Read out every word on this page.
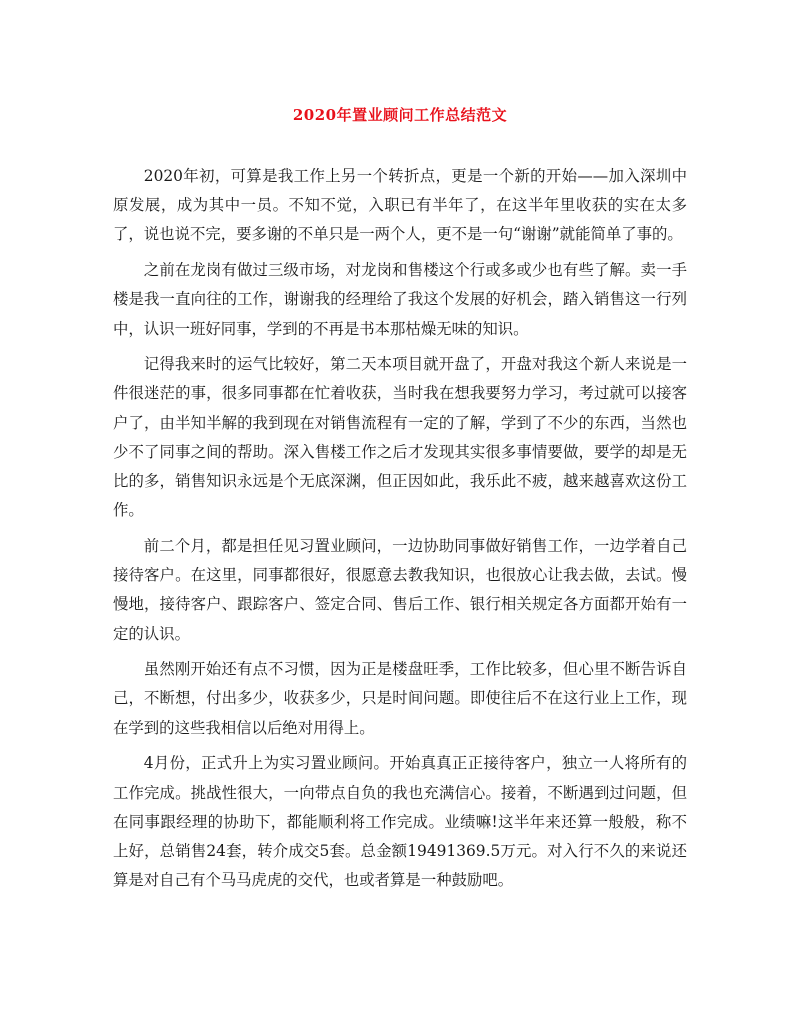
2020年置业顾问工作总结范文

2020年初，可算是我工作上另一个转折点，更是一个新的开始——加入深圳中原发展，成为其中一员。不知不觉，入职已有半年了，在这半年里收获的实在太多了，说也说不完，要多谢的不单只是一两个人，更不是一句“谢谢”就能简单了事的。

之前在龙岗有做过三级市场，对龙岗和售楼这个行或多或少也有些了解。卖一手楼是我一直向往的工作，谢谢我的经理给了我这个发展的好机会，踏入销售这一行列中，认识一班好同事，学到的不再是书本那枯燥无味的知识。

记得我来时的运气比较好，第二天本项目就开盘了，开盘对我这个新人来说是一件很迷茫的事，很多同事都在忙着收获，当时我在想我要努力学习，考过就可以接客户了，由半知半解的我到现在对销售流程有一定的了解，学到了不少的东西，当然也少不了同事之间的帮助。深入售楼工作之后才发现其实很多事情要做，要学的却是无比的多，销售知识永远是个无底深渊，但正因如此，我乐此不疲，越来越喜欢这份工作。

前二个月，都是担任见习置业顾问，一边协助同事做好销售工作，一边学着自己接待客户。在这里，同事都很好，很愿意去教我知识，也很放心让我去做，去试。慢慢地，接待客户、跟踪客户、签定合同、售后工作、银行相关规定各方面都开始有一定的认识。

虽然刚开始还有点不习惯，因为正是楼盘旺季，工作比较多，但心里不断告诉自己，不断想，付出多少，收获多少，只是时间问题。即使往后不在这行业上工作，现在学到的这些我相信以后绝对用得上。

4月份，正式升上为实习置业顾问。开始真真正正接待客户，独立一人将所有的工作完成。挑战性很大，一向带点自负的我也充满信心。接着，不断遇到过问题，但在同事跟经理的协助下，都能顺利将工作完成。业绩嘛!这半年来还算一般般，称不上好，总销售24套，转介成交5套。总金额19491369.5万元。对入行不久的来说还算是对自己有个马马虎虎的交代，也或者算是一种鼓励吧。
